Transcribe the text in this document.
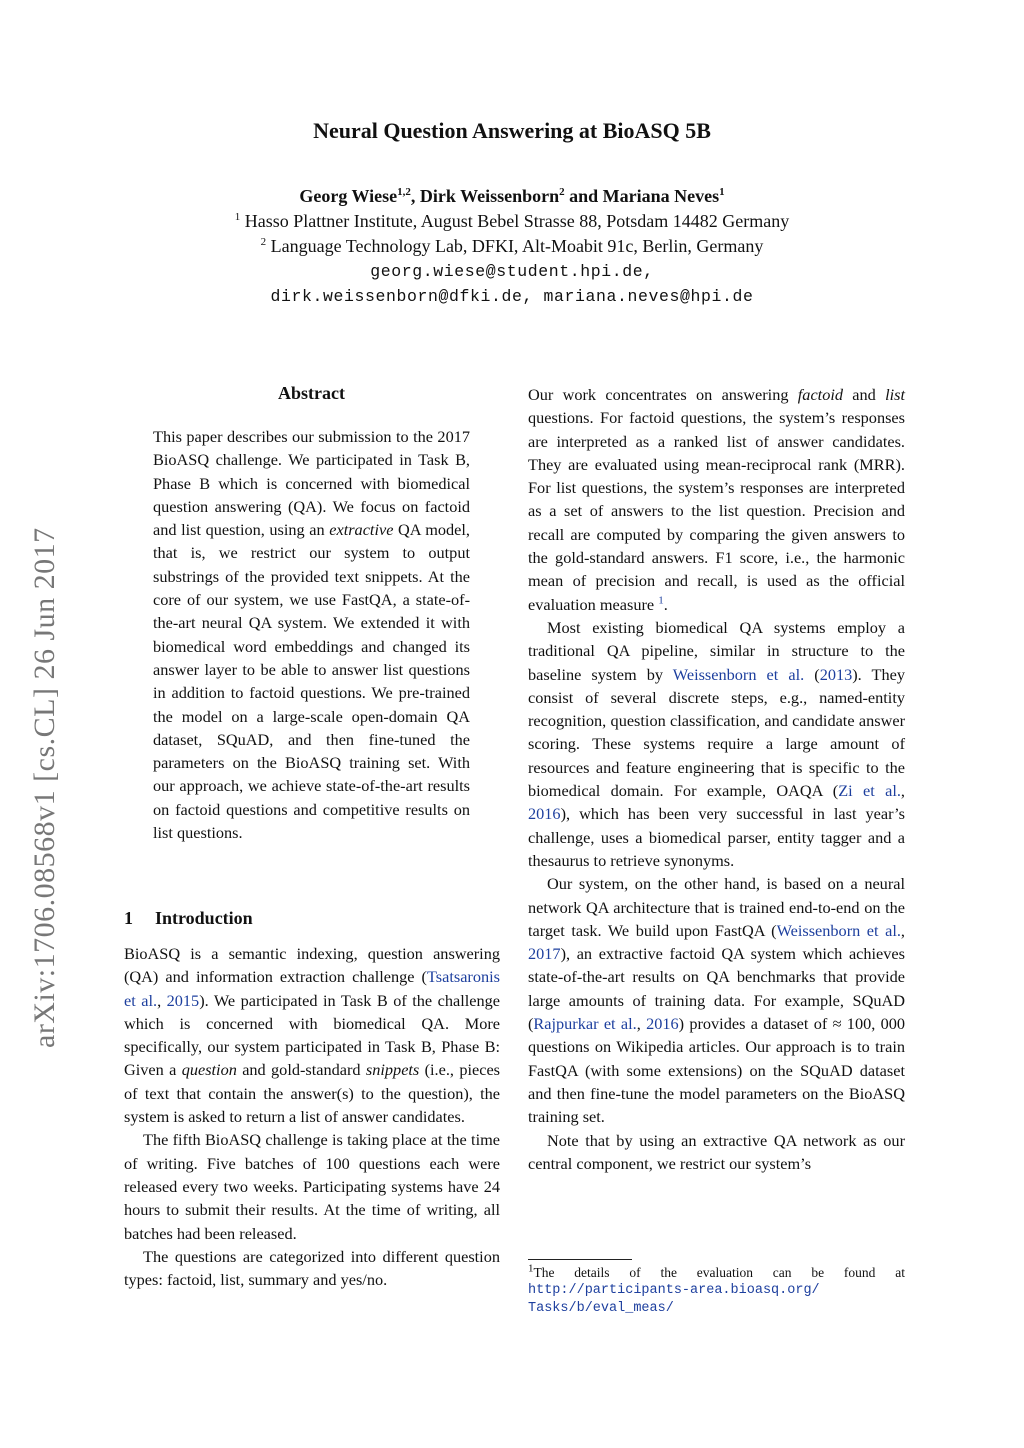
arXiv:1706.08568v1 [cs.CL] 26 Jun 2017
Neural Question Answering at BioASQ 5B
Georg Wiese$^{1,2}$, Dirk Weissenborn$^2$ and Mariana Neves$^1$
$^1$ Hasso Plattner Institute, August Bebel Strasse 88, Potsdam 14482 Germany
$^2$ Language Technology Lab, DFKI, Alt-Moabit 91c, Berlin, Germany
georg.wiese@student.hpi.de,
dirk.weissenborn@dfki.de, mariana.neves@hpi.de
Abstract
This paper describes our submission to the 2017 BioASQ challenge. We participated in Task B, Phase B which is concerned with biomedical question answering (QA). We focus on factoid and list question, using an extractive QA model, that is, we restrict our system to output substrings of the provided text snippets. At the core of our system, we use FastQA, a state-of-the-art neural QA system. We extended it with biomedical word embeddings and changed its answer layer to be able to answer list questions in addition to factoid questions. We pre-trained the model on a large-scale open-domain QA dataset, SQuAD, and then fine-tuned the parameters on the BioASQ training set. With our approach, we achieve state-of-the-art results on factoid questions and competitive results on list questions.
1 Introduction

BioASQ is a semantic indexing, question answering (QA) and information extraction challenge (Tsatsaronis et al., 2015). We participated in Task B of the challenge which is concerned with biomedical QA. More specifically, our system participated in Task B, Phase B: Given a question and gold-standard snippets (i.e., pieces of text that contain the answer(s) to the question), the system is asked to return a list of answer candidates.

The fifth BioASQ challenge is taking place at the time of writing. Five batches of 100 questions each were released every two weeks. Participating systems have 24 hours to submit their results. At the time of writing, all batches had been released.

The questions are categorized into different question types: factoid, list, summary and yes/no.

Our work concentrates on answering factoid and list questions. For factoid questions, the system’s responses are interpreted as a ranked list of answer candidates. They are evaluated using mean-reciprocal rank (MRR). For list questions, the system’s responses are interpreted as a set of answers to the list question. Precision and recall are computed by comparing the given answers to the gold-standard answers. F1 score, i.e., the harmonic mean of precision and recall, is used as the official evaluation measure $^1$.

Most existing biomedical QA systems employ a traditional QA pipeline, similar in structure to the baseline system by Weissenborn et al. (2013). They consist of several discrete steps, e.g., named-entity recognition, question classification, and candidate answer scoring. These systems require a large amount of resources and feature engineering that is specific to the biomedical domain. For example, OAQA (Zi et al., 2016), which has been very successful in last year’s challenge, uses a biomedical parser, entity tagger and a thesaurus to retrieve synonyms.

Our system, on the other hand, is based on a neural network QA architecture that is trained end-to-end on the target task. We build upon FastQA (Weissenborn et al., 2017), an extractive factoid QA system which achieves state-of-the-art results on QA benchmarks that provide large amounts of training data. For example, SQuAD (Rajpurkar et al., 2016) provides a dataset of ≈ 100, 000 questions on Wikipedia articles. Our approach is to train FastQA (with some extensions) on the SQuAD dataset and then fine-tune the model parameters on the BioASQ training set.

Note that by using an extractive QA network as our central component, we restrict our system’s

$^1$The details of the evaluation can be found at
http://participants-area.bioasq.org/
Tasks/b/eval_meas/
